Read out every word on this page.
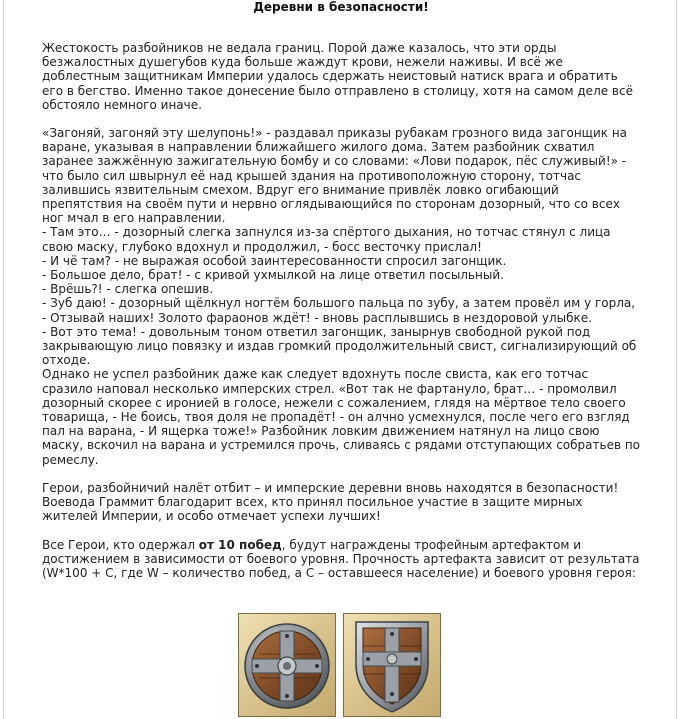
Деревни в безопасности!

Жестокость разбойников не ведала границ. Порой даже казалось, что эти орды безжалостных душегубов куда больше жаждут крови, нежели наживы. И всё же доблестным защитникам Империи удалось сдержать неистовый натиск врага и обратить его в бегство. Именно такое донесение было отправлено в столицу, хотя на самом деле всё обстояло немного иначе.

«Загоняй, загоняй эту шелупонь!» - раздавал приказы рубакам грозного вида загонщик на варане, указывая в направлении ближайшего жилого дома. Затем разбойник схватил заранее зажжённую зажигательную бомбу и со словами: «Лови подарок, пёс служивый!» - что было сил швырнул её над крышей здания на противоположную сторону, тотчас залившись язвительным смехом. Вдруг его внимание привлёк ловко огибающий препятствия на своём пути и нервно оглядывающийся по сторонам дозорный, что со всех ног мчал в его направлении.

- Там это… - дозорный слегка запнулся из-за спёртого дыхания, но тотчас стянул с лица свою маску, глубоко вдохнул и продолжил, - босс весточку прислал!

- И чё там? - не выражая особой заинтересованности спросил загонщик.

- Большое дело, брат! - с кривой ухмылкой на лице ответил посыльный.

- Врёшь?! - слегка опешив.

- Зуб даю! - дозорный щёлкнул ногтём большого пальца по зубу, а затем провёл им у горла, - Отзывай наших! Золото фараонов ждёт! - вновь расплывшись в нездоровой улыбке.

- Вот это тема! - довольным тоном ответил загонщик, занырнув свободной рукой под закрывающую лицо повязку и издав громкий продолжительный свист, сигнализирующий об отходе.

Однако не успел разбойник даже как следует вдохнуть после свиста, как его тотчас сразило наповал несколько имперских стрел. «Вот так не фартануло, брат… - промолвил дозорный скорее с иронией в голосе, нежели с сожалением, глядя на мёртвое тело своего товарища, - Не боись, твоя доля не пропадёт! - он алчно усмехнулся, после чего его взгляд пал на варана, - И ящерка тоже!» Разбойник ловким движением натянул на лицо свою маску, вскочил на варана и устремился прочь, сливаясь с рядами отступающих собратьев по ремеслу.

Герои, разбойничий налёт отбит – и имперские деревни вновь находятся в безопасности! Воевода Граммит благодарит всех, кто принял посильное участие в защите мирных жителей Империи, и особо отмечает успехи лучших!

Все Герои, кто одержал от 10 побед, будут награждены трофейным артефактом и достижением в зависимости от боевого уровня. Прочность артефакта зависит от результата (W*100 + C, где W – количество побед, а C – оставшееся население) и боевого уровня героя:
